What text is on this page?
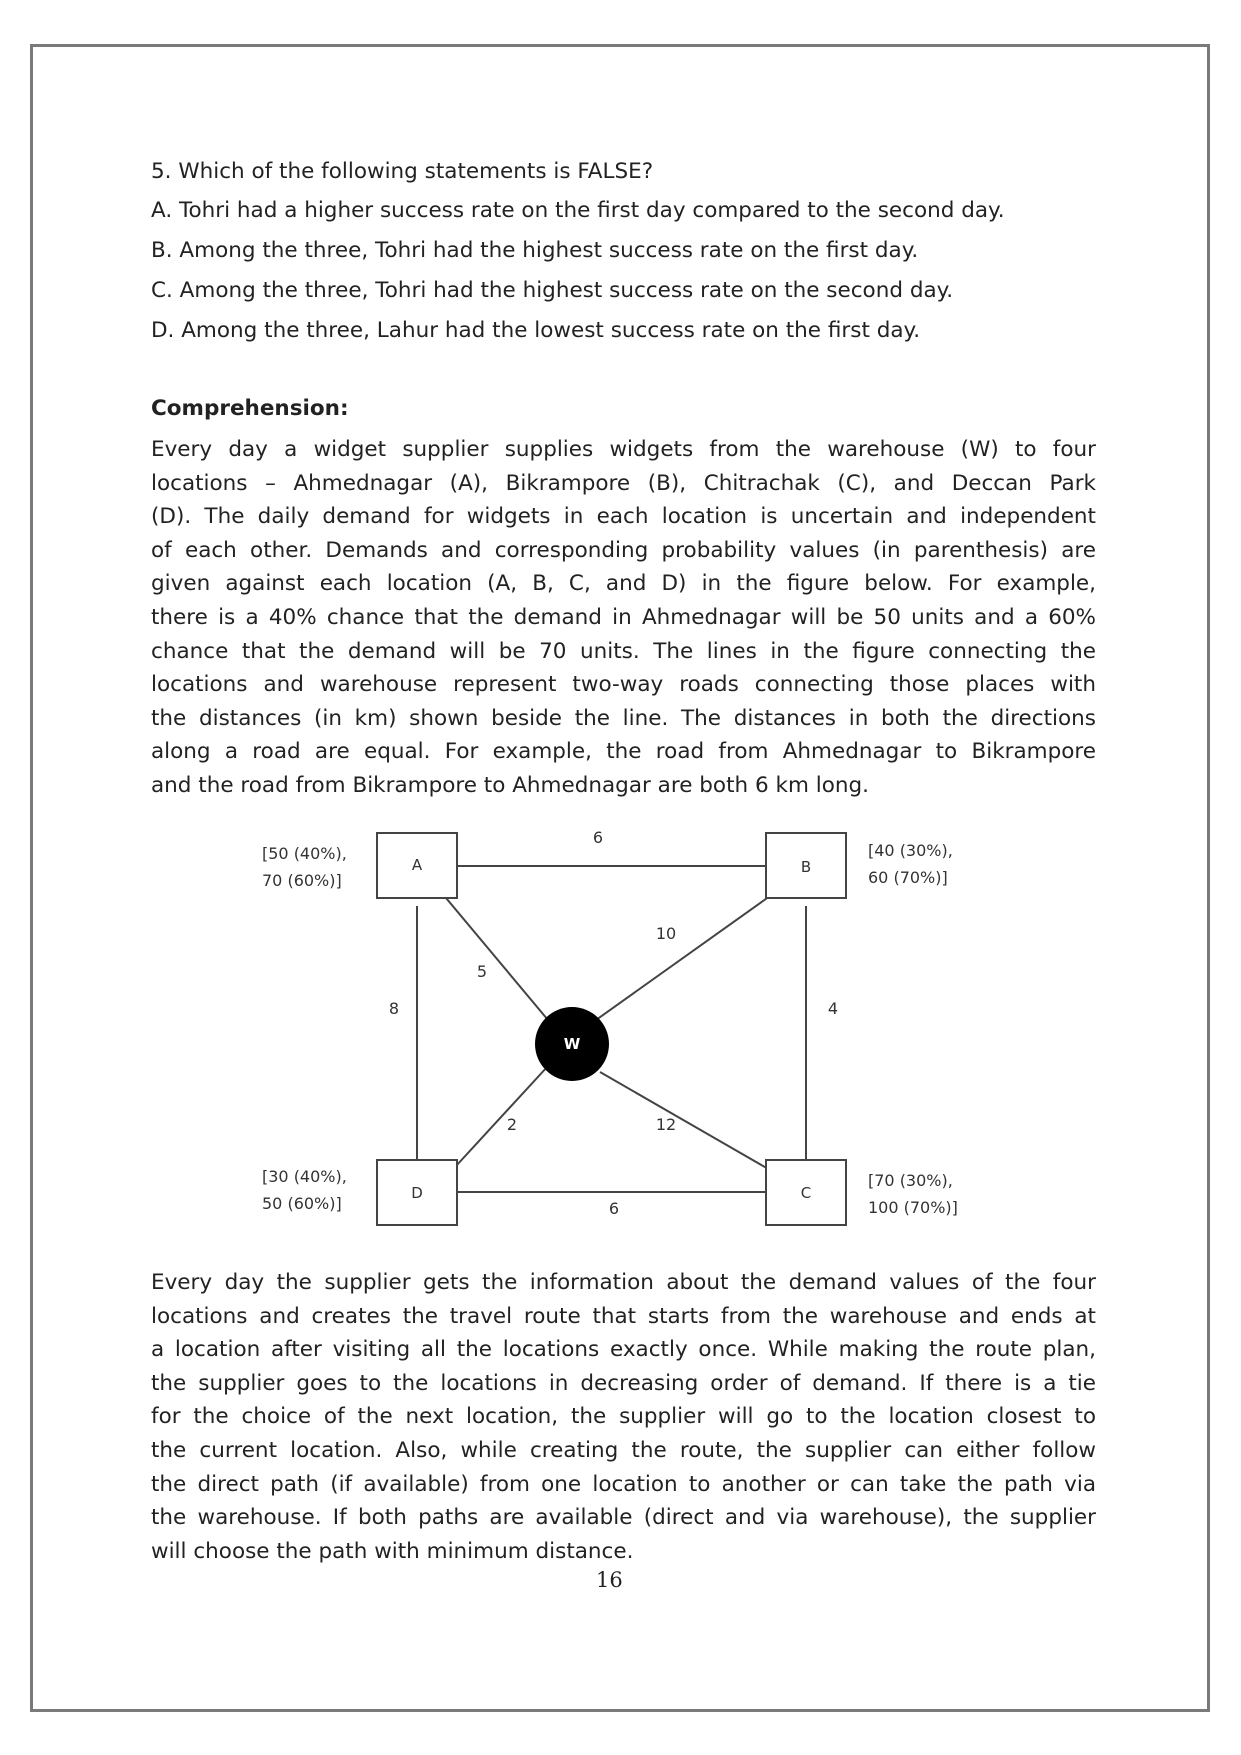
5. Which of the following statements is FALSE?
A. Tohri had a higher success rate on the first day compared to the second day.
B. Among the three, Tohri had the highest success rate on the first day.
C. Among the three, Tohri had the highest success rate on the second day.
D. Among the three, Lahur had the lowest success rate on the first day.
Comprehension:
Every day a widget supplier supplies widgets from the warehouse (W) to four
locations – Ahmednagar (A), Bikrampore (B), Chitrachak (C), and Deccan Park
(D). The daily demand for widgets in each location is uncertain and independent
of each other. Demands and corresponding probability values (in parenthesis) are
given against each location (A, B, C, and D) in the figure below. For example,
there is a 40% chance that the demand in Ahmednagar will be 50 units and a 60%
chance that the demand will be 70 units. The lines in the figure connecting the
locations and warehouse represent two-way roads connecting those places with
the distances (in km) shown beside the line. The distances in both the directions
along a road are equal. For example, the road from Ahmednagar to Bikrampore
and the road from Bikrampore to Ahmednagar are both 6 km long.
A	B
C
D
W
[50 (40%),
70 (60%)]
[40 (30%),
60 (70%)]
[70 (30%),
100 (70%)]
[30 (40%),
50 (60%)]
6
8	4
6
5
10
2	12
Every day the supplier gets the information about the demand values of the four
locations and creates the travel route that starts from the warehouse and ends at
a location after visiting all the locations exactly once. While making the route plan,
the supplier goes to the locations in decreasing order of demand. If there is a tie
for the choice of the next location, the supplier will go to the location closest to
the current location. Also, while creating the route, the supplier can either follow
the direct path (if available) from one location to another or can take the path via
the warehouse. If both paths are available (direct and via warehouse), the supplier
will choose the path with minimum distance.
16
